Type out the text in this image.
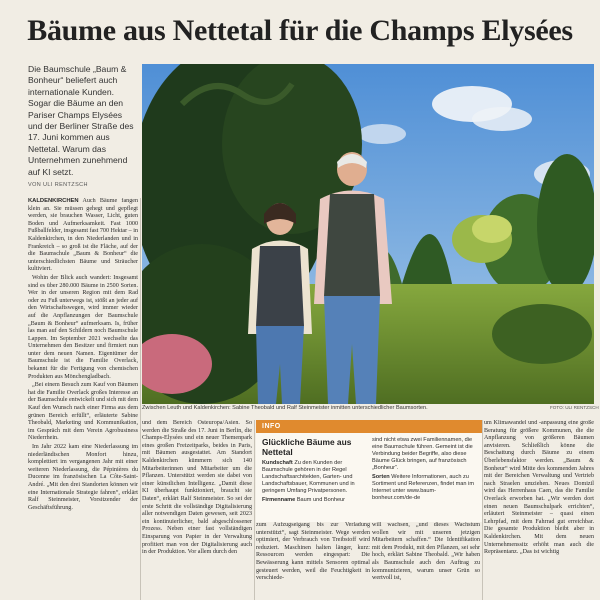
Bäume aus Nettetal für die Champs Elysées

Die Baumschule „Baum & Bonheur“ beliefert auch internationale Kunden. Sogar die Bäume an den Pariser Champs Elysées und der Berliner Straße des 17. Juni kommen aus Nettetal. Warum das Unternehmen zunehmend auf KI setzt.

VON ULI RENTZSCH

KALDENKIRCHEN Auch Bäume fangen klein an. Sie müssen gehegt und gepflegt werden, sie brauchen Wasser, Licht, guten Boden und Aufmerksamkeit. Fast 1000 Fußballfelder, insgesamt fast 700 Hektar – in Kaldenkirchen, in den Niederlanden und in Frankreich – so groß ist die Fläche, auf der die Baumschule „Baum & Bonheur“ die unterschiedlichsten Bäume und Sträucher kultiviert.

Wohin der Blick auch wandert: Insgesamt sind es über 280.000 Bäume in 2500 Sorten. Wer in der unseren Region mit dem Rad oder zu Fuß unterwegs ist, stößt an jeder auf den Wirtschaftswegen, wird immer wieder auf die Anpflanzungen der Baumschule „Baum & Bonheur“ aufmerksam. Is, früher las man auf den Schildern noch Baumschule Lappen. Im September 2021 wechselte das Unternehmen den Besitzer und firmiert nun unter dem neuen Namen. Eigentümer der Baumschule ist die Familie Overlack, bekannt für die Fertigung von chemischen Produkten aus Mönchengladbach.

„Bei einem Besuch zum Kauf von Bäumen hat die Familie Overlack großes Interesse an der Baumschule entwickelt und sich mit dem Kauf den Wunsch nach einer Firma aus dem grünen Bereich erfüllt“, erläuterte Sabine Theobald, Marketing und Kommunikation, im Gespräch mit dem Verein Agrobusiness Niederrhein.

Im Jahr 2022 kam eine Niederlassung im niederländischen Monfort hinzu, komplettiert im vergangenen Jahr mit einer weiteren Niederlassung, die Pépinières du Ducenne im französischen La Côte-Saint-André. „Mit den drei Standorten können wir eine Internationale Strategie fahren“, erklärt Ralf Steinmeister, Vorsitzender der Geschäftsführung.

Zwischen Leuth und Kaldenkirchen: Sabine Theobald und Ralf Steinmeister inmitten unterschiedlicher Baumsorten.	FOTO: ULI RENTZSCH

und dem Bereich Osteuropa/Asien. So werden die Straße des 17. Juni in Berlin, die Champs-Elysées und ein neuer Themenpark eines großen Freizeitparks, beides in Paris, mit Bäumen ausgestattet. Am Standort Kaldenkirchen kümmern sich 140 Mitarbeiterinnen und Mitarbeiter um die Pflanzen. Unterstützt werden sie dabei von einer künstlichen Intelligenz. „Damit diese KI überhaupt funktioniert, braucht sie Daten“, erklärt Ralf Steinmeister. So sei der erste Schritt die vollständige Digitalisierung aller notwendigen Daten gewesen, seit 2023 ein kontinuierlicher, bald abgeschlossener Prozess. Neben einer fast vollständigen Einsparung von Papier in der Verwaltung profitiert man von der Digitalisierung auch in der Produktion. Vor allem durch den

INFO
Glückliche Bäume aus Nettetal

Kundschaft Zu den Kunden der Baumschule gehören in der Regel Landschaftsarchitekten, Garten- und Landschaftsbauer, Kommunen und in geringem Umfang Privatpersonen.

Firmenname Baum und Bonheur

sind nicht etwa zwei Familiennamen, die eine Baumschule führen. Gemeint ist die Verbindung beider Begriffe, also diese Bäume Glück bringen, auf französisch „Bonheur“.

Sorten Weitere Informationen, auch zu Sortiment und Referenzen, findet man im Internet unter www.baum-bonheur.com/de-de

zum Aufzugseigang bis zur Verladung unterstützt“, sagt Steinmeister. Wege werden optimiert, der Verbrauch von Treibstoff wird reduziert. Maschinen halten länger, kurz: Ressourcen werden eingespart: Die Bewässerung kann mittels Sensoren optimal gesteuert werden, weil die Feuchtigkeit in verschiede-

will wachsen, „und dieses Wachstum wollen wir mit unseren jetzigen Mitarbeitern schaffen.“ Die Identifikation mit dem Produkt, mit den Pflanzen, sei sehr hoch, erklärt Sabine Theobald. „Wir haben als Baumschule auch den Auftrag zu kommunizieren, warum unser Grün so wertvoll ist,

um Klimawandel und -anpassung eine große Beratung für größere Kommunen, die die Anpflanzung von größeren Bäumen anvisieren. Schließlich könne die Beschattung durch Bäume zu einem Überlebensfaktor werden. „Baum & Bonheur“ wird Mitte des kommenden Jahres mit der Bereichen Verwaltung und Vertrieb nach Straelen umziehen. Neues Domizil wird das Herrenhaus Caen, das die Familie Overlack erworben hat. „Wir werden dort einen neuen Baumschulpark errichten“, erläutert Steinmeister – quasi einen Lehrpfad, mit dem Fahrrad gut erreichbar. Die gesamte Produktion bleibt aber in Kaldenkirchen. Mit dem neuen Unternehmenssitz erhöht man auch die Repräsentanz. „Das ist wichtig
